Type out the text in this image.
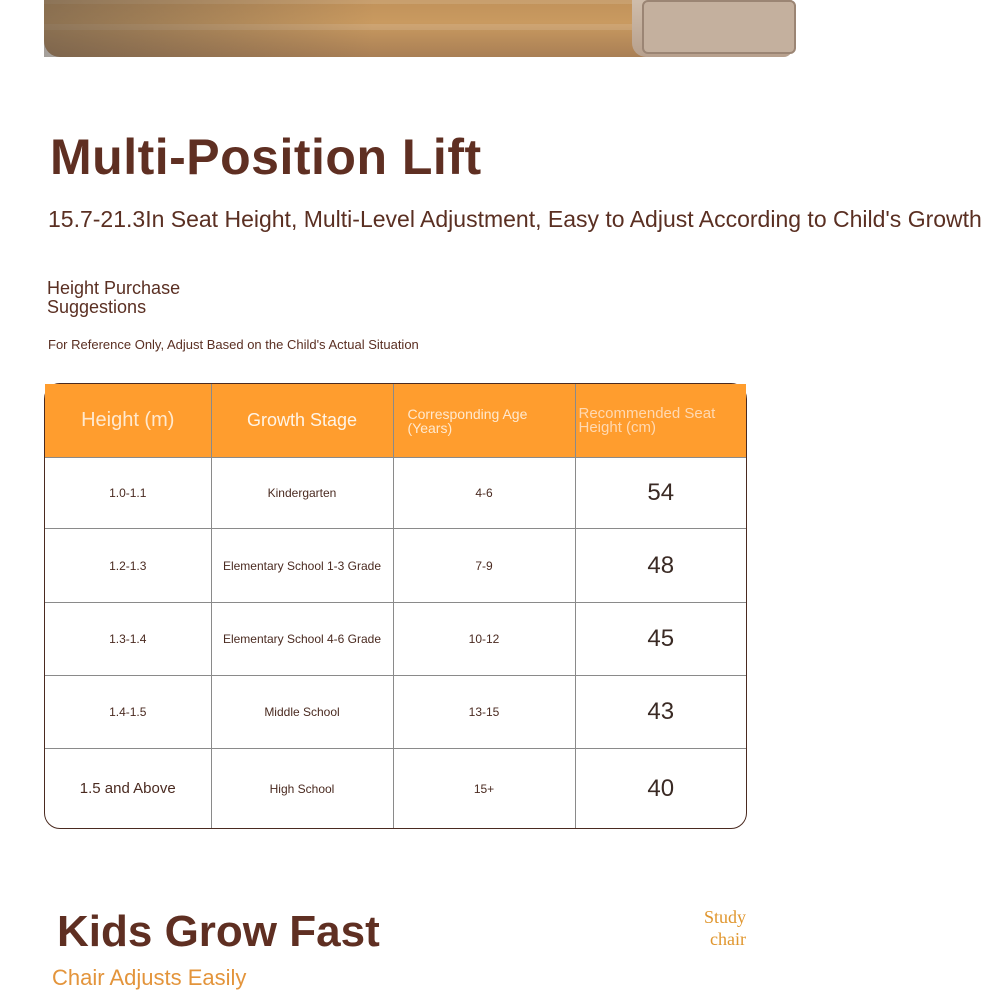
Multi-Position Lift
15.7-21.3In Seat Height, Multi-Level Adjustment, Easy to Adjust According to Child's Growth
Height Purchase Suggestions
For Reference Only, Adjust Based on the Child's Actual Situation
Height (m)	Growth Stage	Corresponding Age (Years)	Recommended Seat Height (cm)
1.0-1.1	Kindergarten	4-6	54
1.2-1.3	Elementary School 1-3 Grade	7-9	48
1.3-1.4	Elementary School 4-6 Grade	10-12	45
1.4-1.5	Middle School	13-15	43
1.5 and Above	High School	15+	40
Kids Grow Fast
Chair Adjusts Easily
Study
chair
